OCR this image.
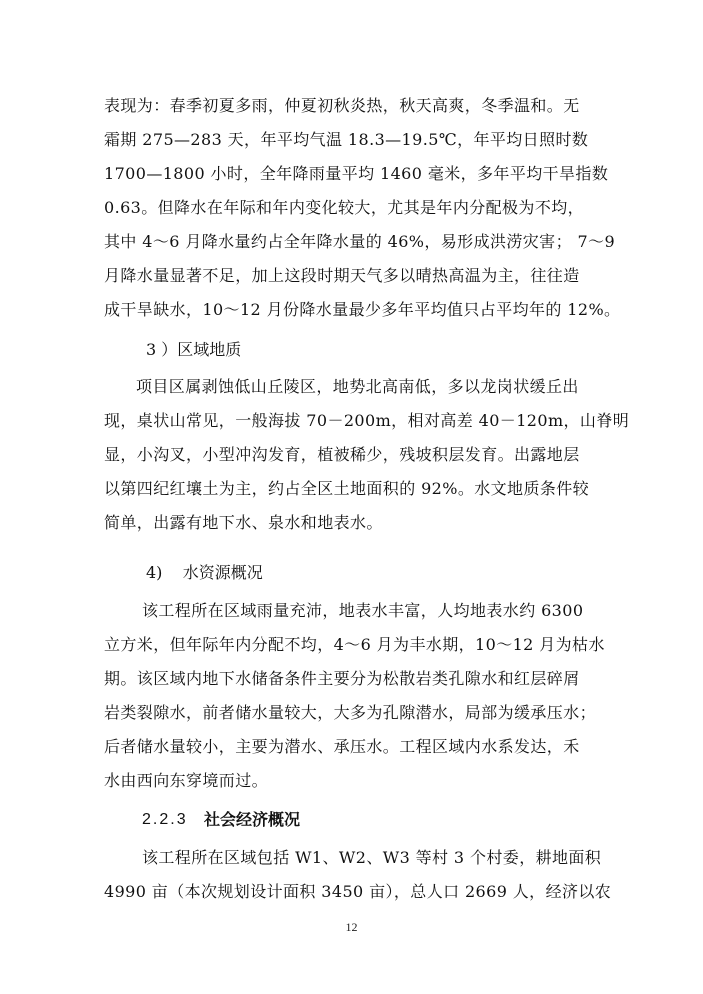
表现为：春季初夏多雨，仲夏初秋炎热，秋天高爽，冬季温和。无
霜期 275—283 天，年平均气温 18.3—19.5℃，年平均日照时数
1700—1800 小时，全年降雨量平均 1460 毫米，多年平均干旱指数
0.63。但降水在年际和年内变化较大，尤其是年内分配极为不均，
其中 4～6 月降水量约占全年降水量的 46%，易形成洪涝灾害； 7～9
月降水量显著不足，加上这段时期天气多以晴热高温为主，往往造
成干旱缺水，10～12 月份降水量最少多年平均值只占平均年的 12%。
3 ）区域地质
项目区属剥蚀低山丘陵区，地势北高南低，多以龙岗状缓丘出
现，桌状山常见，一般海拔 70－200m，相对高差 40－120m，山脊明
显，小沟叉，小型冲沟发育，植被稀少，残坡积层发育。出露地层
以第四纪红壤土为主，约占全区土地面积的 92%。水文地质条件较
简单，出露有地下水、泉水和地表水。
4)    水资源概况
该工程所在区域雨量充沛，地表水丰富，人均地表水约 6300
立方米，但年际年内分配不均，4～6 月为丰水期，10～12 月为枯水
期。该区域内地下水储备条件主要分为松散岩类孔隙水和红层碎屑
岩类裂隙水，前者储水量较大，大多为孔隙潜水，局部为缓承压水；
后者储水量较小，主要为潜水、承压水。工程区域内水系发达，禾
水由西向东穿境而过。
2.2.3 社会经济概况
该工程所在区域包括 W1、W2、W3 等村 3 个村委，耕地面积
4990 亩（本次规划设计面积 3450 亩），总人口 2669 人，经济以农
12
